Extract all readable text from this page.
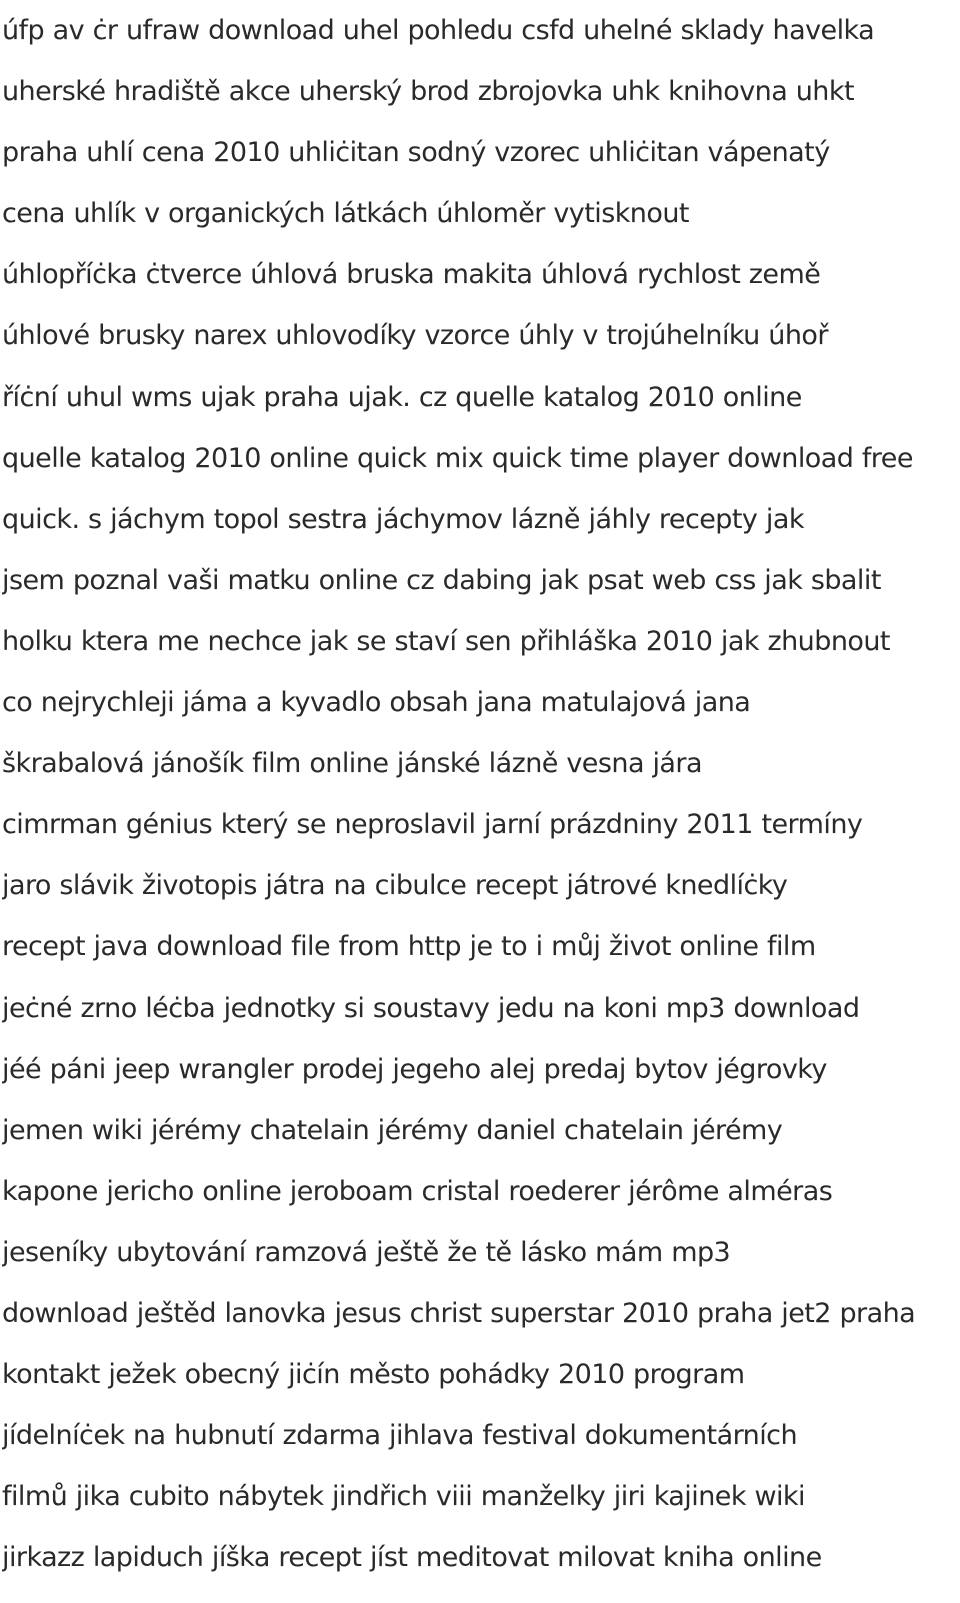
úfp av ċr ufraw download uhel pohledu csfd uhelné sklady havelka
uherské hradiště akce uherský brod zbrojovka uhk knihovna uhkt
praha uhlí cena 2010 uhliċitan sodný vzorec uhliċitan vápenatý
cena uhlík v organických látkách úhloměr vytisknout
úhlopříċka ċtverce úhlová bruska makita úhlová rychlost země
úhlové brusky narex uhlovodíky vzorce úhly v trojúhelníku úhoř
říċní uhul wms ujak praha ujak. cz quelle katalog 2010 online
quelle katalog 2010 online quick mix quick time player download free
quick. s jáchym topol sestra jáchymov lázně jáhly recepty jak
jsem poznal vaši matku online cz dabing jak psat web css jak sbalit
holku ktera me nechce jak se staví sen přihláška 2010 jak zhubnout
co nejrychleji jáma a kyvadlo obsah jana matulajová jana
škrabalová jánošík film online jánské lázně vesna jára
cimrman génius který se neproslavil jarní prázdniny 2011 termíny
jaro slávik životopis játra na cibulce recept játrové knedlíċky
recept java download file from http je to i můj život online film
jeċné zrno léċba jednotky si soustavy jedu na koni mp3 download
jéé páni jeep wrangler prodej jegeho alej predaj bytov jégrovky
jemen wiki jérémy chatelain jérémy daniel chatelain jérémy
kapone jericho online jeroboam cristal roederer jérôme alméras
jeseníky ubytování ramzová ještě že tě lásko mám mp3
download ještěd lanovka jesus christ superstar 2010 praha jet2 praha
kontakt ježek obecný jiċín město pohádky 2010 program
jídelníċek na hubnutí zdarma jihlava festival dokumentárních
filmů jika cubito nábytek jindřich viii manželky jiri kajinek wiki
jirkazz lapiduch jíška recept jíst meditovat milovat kniha online
